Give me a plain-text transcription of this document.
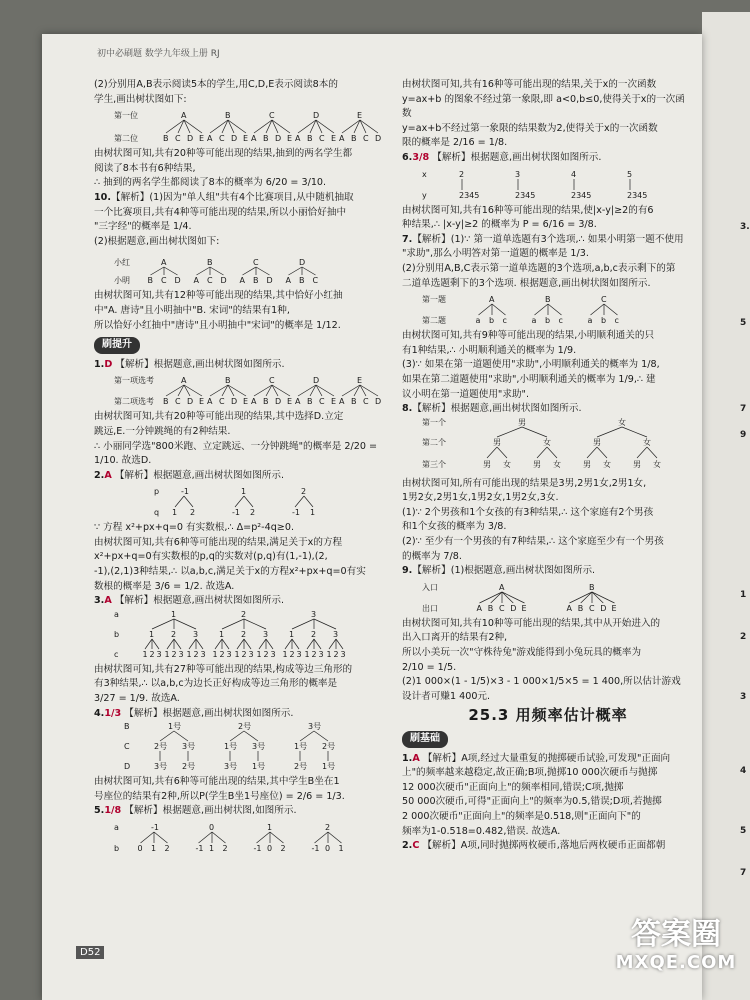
初中必刷题 数学九年级上册 RJ

(2)分别用A,B表示阅读5本的学生,用C,D,E表示阅读8本的

学生,画出树状图如下:

第一位
第二位
A
B C D E
B
A C D E
C
A B D E
D
A B C E
E
A B C D

由树状图可知,共有20种等可能出现的结果,抽到的两名学生都

阅读了8本书有6种结果,

∴ 抽到的两名学生都阅读了8本的概率为 6/20 = 3/10.

10.【解析】(1)因为"单人组"共有4个比赛项目,从中随机抽取

一个比赛项目,共有4种等可能出现的结果,所以小丽恰好抽中

"三字经"的概率是 1/4.

(2)根据题意,画出树状图如下:

小红
小明
A
B C D
B
A C D
C
A B D
D
A B C

由树状图可知,共有12种等可能出现的结果,其中恰好小红抽

中"A. 唐诗"且小明抽中"B. 宋词"的结果有1种,

所以恰好小红抽中"唐诗"且小明抽中"宋词"的概率是 1/12.

刷提升

1.D 【解析】根据题意,画出树状图如图所示.

第一项选考
第二项选考
A
B C D E
B
A C D E
C
A B D E
D
A B C E
E
A B C D

由树状图可知,共有20种等可能出现的结果,其中选择D.立定

跳远,E.一分钟跳绳的有2种结果.

∴ 小丽同学选"800米跑、立定跳远、一分钟跳绳"的概率是 2/20 =

1/10. 故选D.

2.A 【解析】根据题意,画出树状图如图所示.

p
q
-1
1 2
1
-1 2
2
-1 1

∵ 方程 x²+px+q=0 有实数根,∴ Δ=p²-4q≥0.

由树状图可知,共有6种等可能出现的结果,满足关于x的方程

x²+px+q=0有实数根的p,q的实数对(p,q)有(1,-1),(2,

-1),(2,1)3种结果,∴ 以a,b,c,满足关于x的方程x²+px+q=0有实

数根的概率是 3/6 = 1/2. 故选A.

3.A 【解析】根据题意,画出树状图如图所示.

a
b
c
1
1
1 2 3
2
1 2 3
3
1 2 3
2
1
1 2 3
2
1 2 3
3
1 2 3
3
1
1 2 3
2
1 2 3
3
1 2 3

由树状图可知,共有27种等可能出现的结果,构成等边三角形的

有3种结果,∴ 以a,b,c为边长正好构成等边三角形的概率是

3/27 = 1/9. 故选A.

4.1/3 【解析】根据题意,画出树状图如图所示.

B
C
D
1号
2号
3号
3号
2号
2号
1号
3号
3号
1号
3号
1号
2号
2号
1号

由树状图可知,共有6种等可能出现的结果,其中学生B坐在1

号座位的结果有2种,所以P(学生B坐1号座位) = 2/6 = 1/3.

5.1/8 【解析】根据题意,画出树状图,如图所示.

a
b
-1
0 1 2
0
-1 1 2
1
-1 0 2
2
-1 0 1

由树状图可知,共有16种等可能出现的结果,关于x的一次函数

y=ax+b 的图象不经过第一象限,即 a<0,b≤0,使得关于x的一次函数

y=ax+b不经过第一象限的结果数为2,使得关于x的一次函数

限的概率是 2/16 = 1/8.

6.3/8 【解析】根据题意,画出树状图如图所示.

x
y
2
2345
3
2345
4
2345
5
2345

由树状图可知,共有16种等可能出现的结果,使|x-y|≥2的有6

种结果,∴ |x-y|≥2 的概率为 P = 6/16 = 3/8.

7.【解析】(1)∵ 第一道单选题有3个选项,∴ 如果小明第一题不使用

"求助",那么小明答对第一道题的概率是 1/3.

(2)分别用A,B,C表示第一道单选题的3个选项,a,b,c表示剩下的第

二道单选题剩下的3个选项. 根据题意,画出树状图如图所示.

第一题
第二题
A
a b c
B
a b c
C
a b c

由树状图可知,共有9种等可能出现的结果,小明顺利通关的只

有1种结果,∴ 小明顺利通关的概率为 1/9.

(3)∵ 如果在第一道题使用"求助",小明顺利通关的概率为 1/8,

如果在第二道题使用"求助",小明顺利通关的概率为 1/9,∴ 建

议小明在第一道题使用"求助".

8.【解析】根据题意,画出树状图如图所示.

第一个
第二个
第三个
男
男
男 女
女
男 女
女
男
男 女
女
男 女

由树状图可知,所有可能出现的结果是3男,2男1女,2男1女,

1男2女,2男1女,1男2女,1男2女,3女.

(1)∵ 2个男孩和1个女孩的有3种结果,∴ 这个家庭有2个男孩

和1个女孩的概率为 3/8.

(2)∵ 至少有一个男孩的有7种结果,∴ 这个家庭至少有一个男孩

的概率为 7/8.

9.【解析】(1)根据题意,画出树状图如图所示.

入口
出口
A
A B C D E
B
A B C D E

由树状图可知,共有10种等可能出现的结果,其中从开始进入的

出入口离开的结果有2种,

所以小美玩一次"守株待兔"游戏能得到小兔玩具的概率为

2/10 = 1/5.

(2)1 000×(1 - 1/5)×3 - 1 000×1/5×5 = 1 400,所以估计游戏

设计者可赚1 400元.

25.3 用频率估计概率
刷基础

1.A 【解析】A项,经过大量重复的抛掷硬币试验,可发现"正面向

上"的频率越来越稳定,故正确;B项,抛掷10 000次硬币与抛掷

12 000次硬币"正面向上"的频率相同,错误;C项,抛掷

50 000次硬币,可得"正面向上"的频率为0.5,错误;D项,若抛掷

2 000次硬币"正面向上"的频率是0.518,则"正面向下"的

频率为1-0.518=0.482,错误. 故选A.

2.C 【解析】A项,同时抛掷两枚硬币,落地后两枚硬币正面都朝

D52
3.
5
7
9
1
2
3
4
5
7
答案圈
MXQE.COM
